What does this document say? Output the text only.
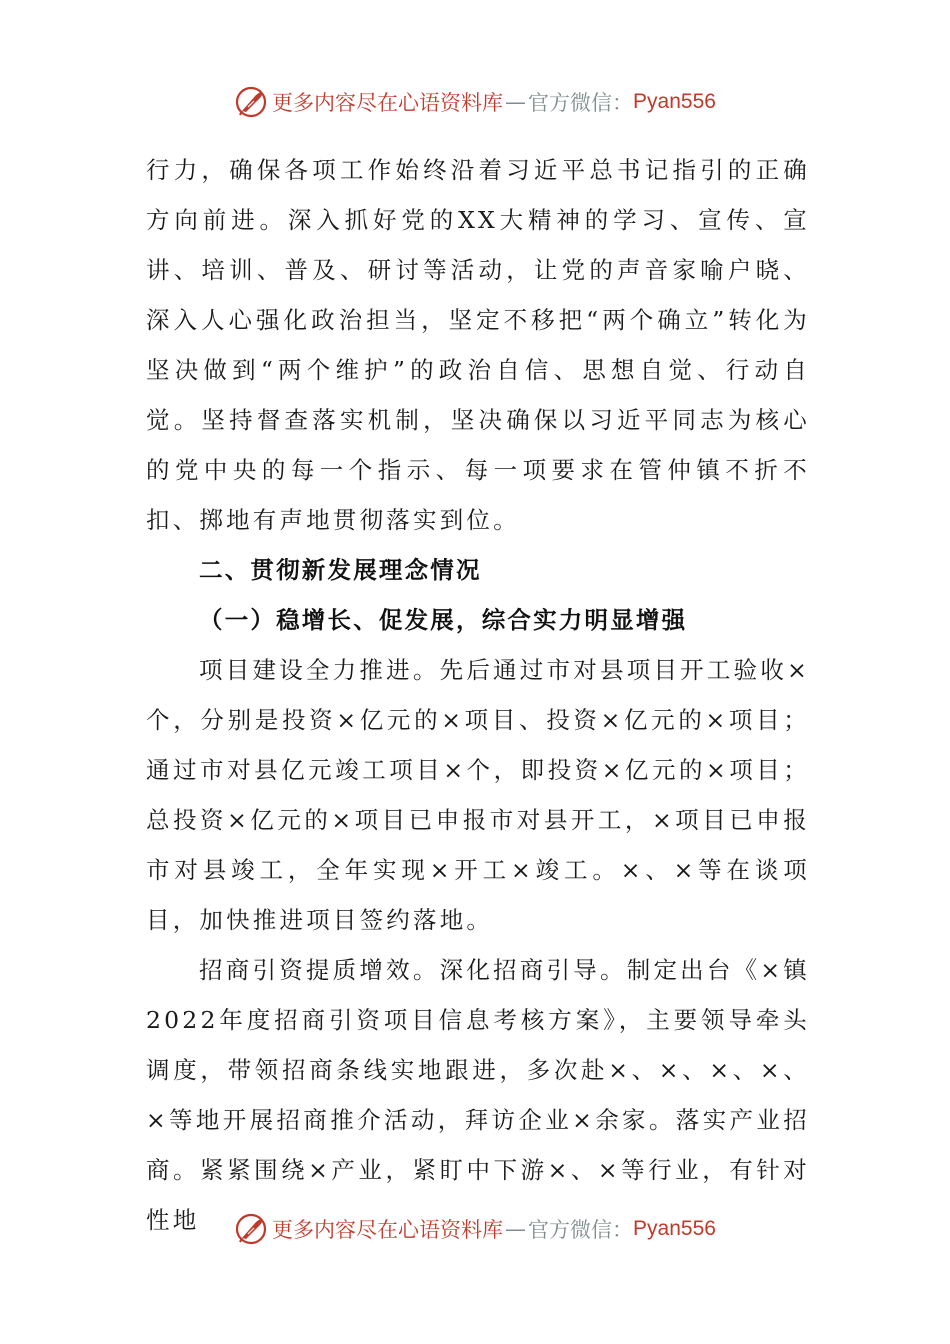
更多内容尽在心语资料库 — 官方微信： Pyan556

行力，确保各项工作始终沿着习近平总书记指引的正确方向前进。深入抓好党的XX大精神的学习、宣传、宣讲、培训、普及、研讨等活动，让党的声音家喻户晓、深入人心强化政治担当，坚定不移把“两个确立”转化为坚决做到“两个维护”的政治自信、思想自觉、行动自觉。坚持督查落实机制，坚决确保以习近平同志为核心的党中央的每一个指示、每一项要求在管仲镇不折不扣、掷地有声地贯彻落实到位。

二、贯彻新发展理念情况

（一）稳增长、促发展，综合实力明显增强

项目建设全力推进。先后通过市对县项目开工验收×个，分别是投资×亿元的×项目、投资×亿元的×项目；通过市对县亿元竣工项目×个，即投资×亿元的×项目；总投资×亿元的×项目已申报市对县开工，×项目已申报市对县竣工，全年实现×开工×竣工。×、×等在谈项目，加快推进项目签约落地。

招商引资提质增效。深化招商引导。制定出台《×镇2022年度招商引资项目信息考核方案》，主要领导牵头调度，带领招商条线实地跟进，多次赴×、×、×、×、×等地开展招商推介活动，拜访企业×余家。落实产业招商。紧紧围绕×产业，紧盯中下游×、×等行业，有针对性地	更多内容尽在心语资料库 — 官方微信： Pyan556
